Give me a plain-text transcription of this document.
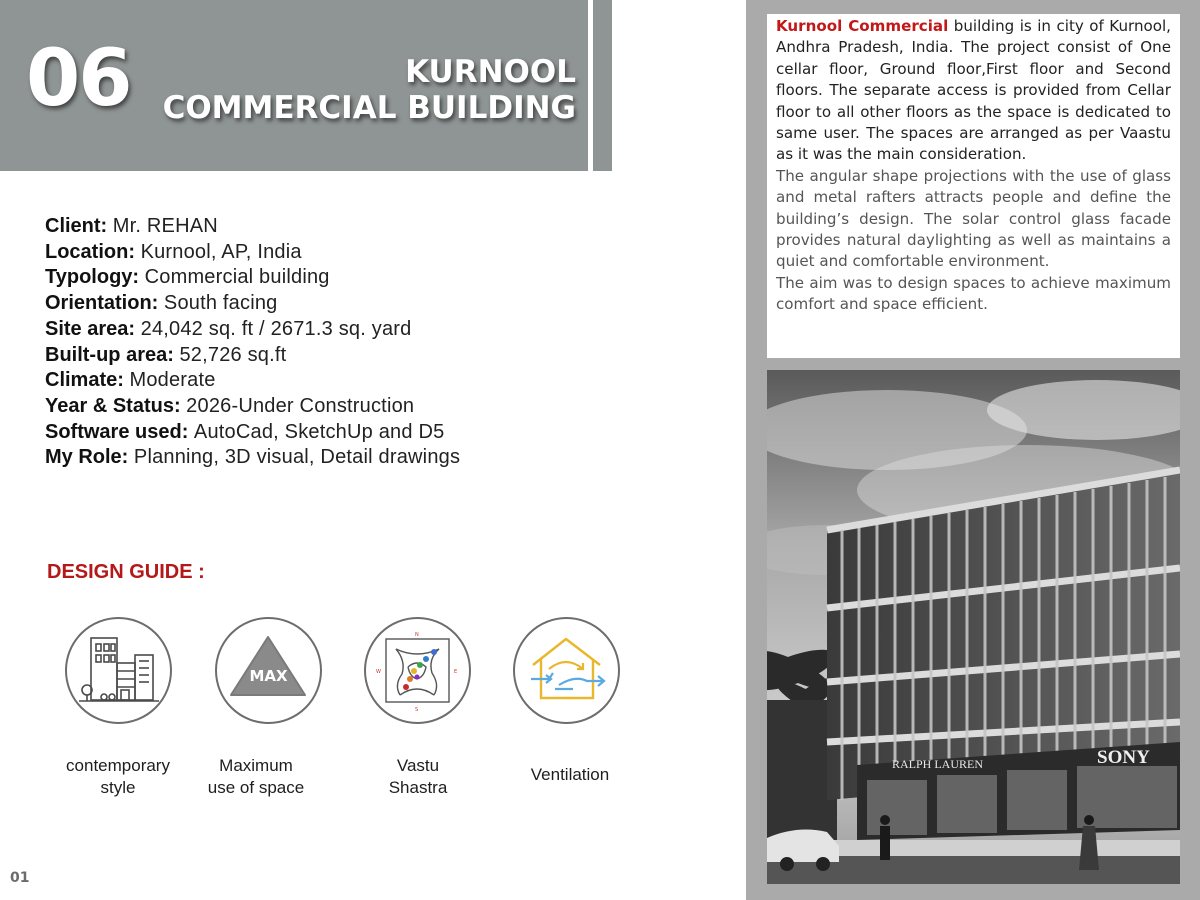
06	KURNOOL
COMMERCIAL BUILDING
Client: Mr. REHAN
Location: Kurnool, AP, India
Typology: Commercial building
Orientation: South facing
Site area: 24,042 sq. ft / 2671.3 sq. yard
Built-up area: 52,726 sq.ft
Climate: Moderate
Year & Status: 2026-Under Construction
Software used: AutoCad, SketchUp and D5
My Role: Planning, 3D visual, Detail drawings
DESIGN GUIDE :
MAX
N
E
S
W
contemporary
style
Maximum
use of space
Vastu
Shastra
Ventilation
01

Kurnool Commercial building is in city of Kurnool, Andhra Pradesh, India. The project consist of One cellar floor, Ground floor,First floor and Second floors. The separate access is provided from Cellar floor to all other floors as the space is dedicated to same user. The spaces are arranged as per Vaastu as it was the main consideration.

The angular shape projections with the use of glass and metal rafters attracts people and define the building’s design. The solar control glass facade provides natural daylighting as well as maintains a quiet and comfortable environment.

The aim was to design spaces to achieve maximum comfort and space efficient.

RALPH LAUREN	SONY
